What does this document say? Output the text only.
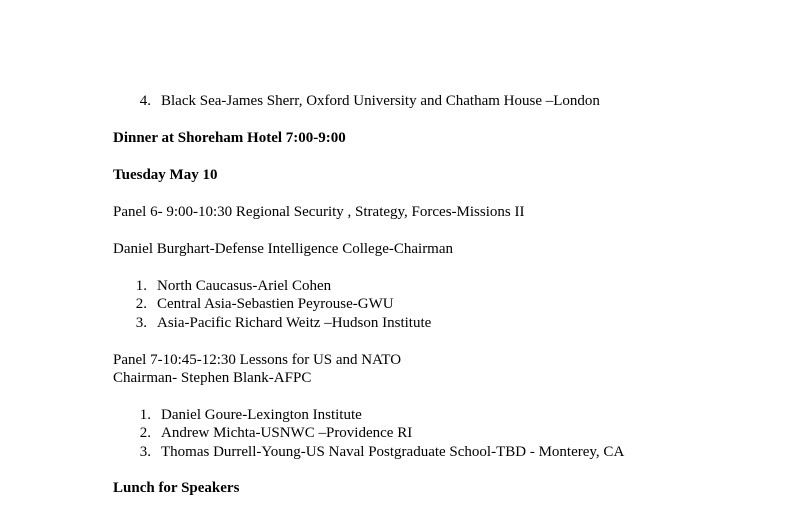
4. Black Sea-James Sherr, Oxford University and Chatham House –London
Dinner at Shoreham Hotel 7:00-9:00
Tuesday May 10
Panel 6- 9:00-10:30 Regional Security , Strategy, Forces-Missions II
Daniel Burghart-Defense Intelligence College-Chairman
1. North Caucasus-Ariel Cohen
2. Central Asia-Sebastien Peyrouse-GWU
3. Asia-Pacific Richard Weitz –Hudson Institute
Panel 7-10:45-12:30 Lessons for US and NATO
Chairman- Stephen Blank-AFPC
1. Daniel Goure-Lexington Institute
2. Andrew Michta-USNWC –Providence RI
3. Thomas Durrell-Young-US Naval Postgraduate School-TBD - Monterey, CA
Lunch for Speakers
